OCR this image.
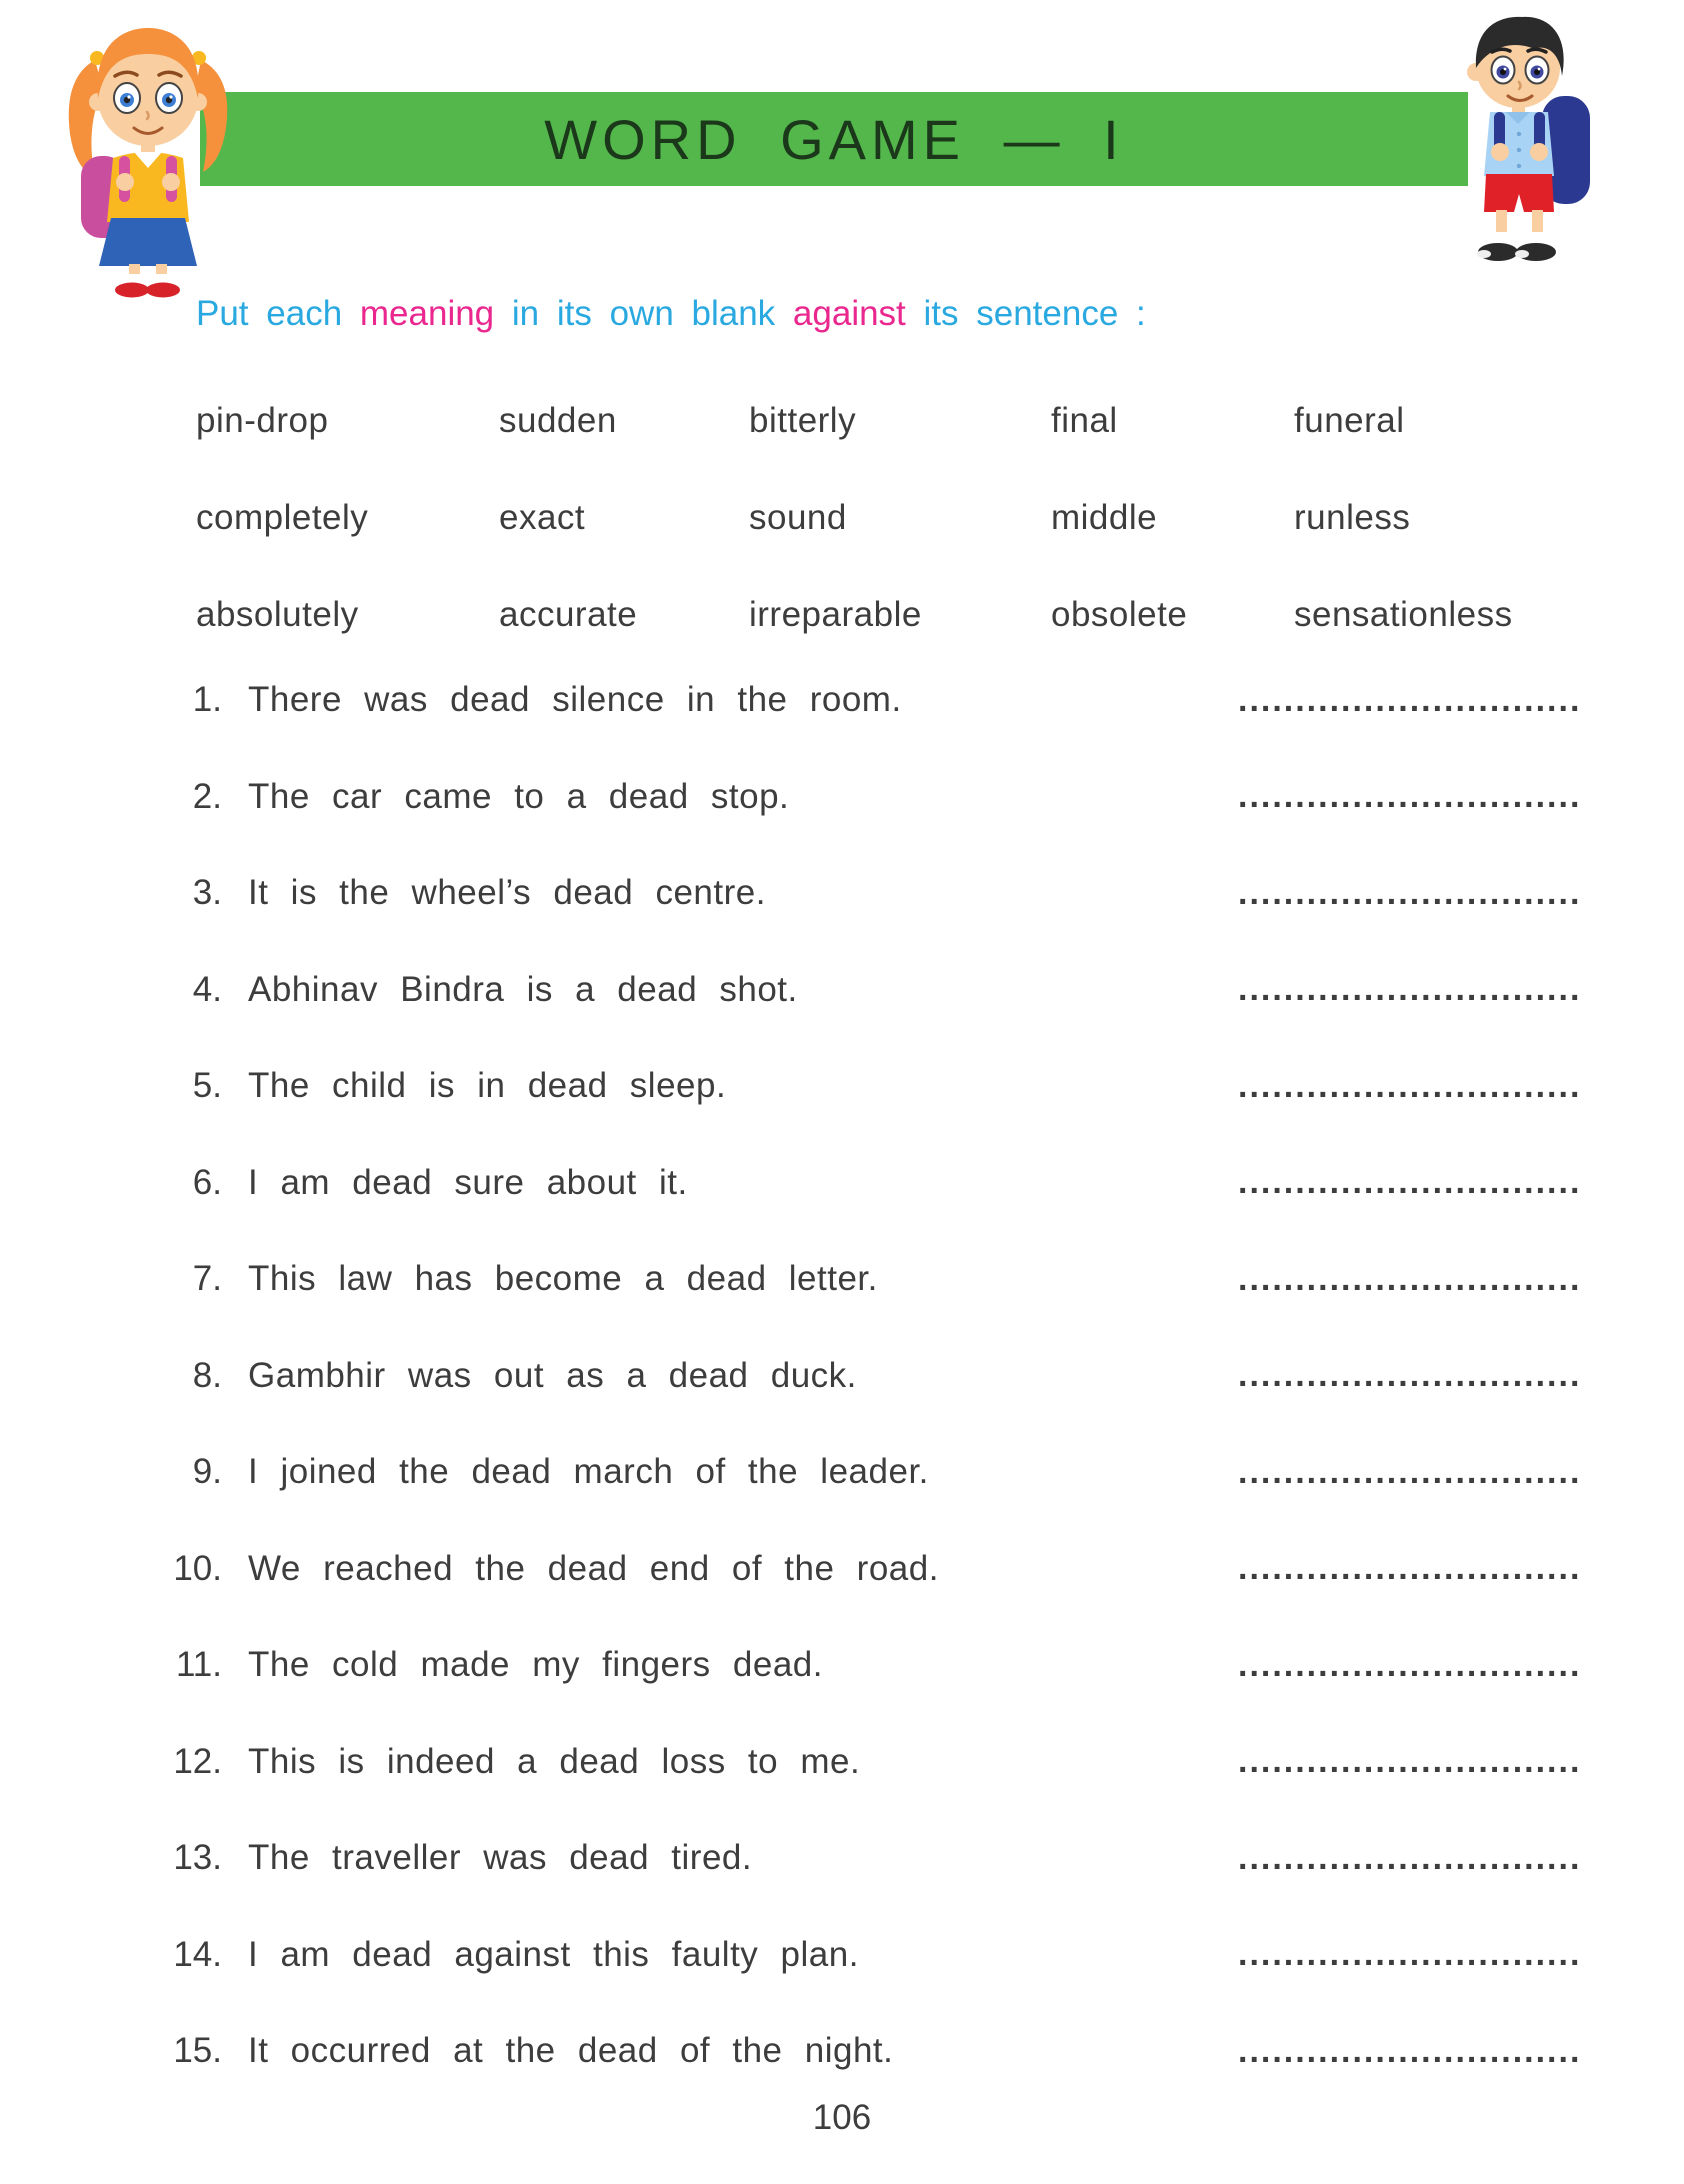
WORD GAME — I
Put each meaning in its own blank against its sentence :
pin-drop	sudden	bitterly	final	funeral
completely	exact	sound	middle	runless
absolutely	accurate	irreparable	obsolete	sensationless
1. There was dead silence in the room.	..............................
2. The car came to a dead stop.	..............................
3. It is the wheel’s dead centre.	..............................
4. Abhinav Bindra is a dead shot.	..............................
5. The child is in dead sleep.	..............................
6. I am dead sure about it.	..............................
7. This law has become a dead letter.	..............................
8. Gambhir was out as a dead duck.	..............................
9. I joined the dead march of the leader.	..............................
10. We reached the dead end of the road.	..............................
11. The cold made my fingers dead.	..............................
12. This is indeed a dead loss to me.	..............................
13. The traveller was dead tired.	..............................
14. I am dead against this faulty plan.	..............................
15. It occurred at the dead of the night.	..............................
106
